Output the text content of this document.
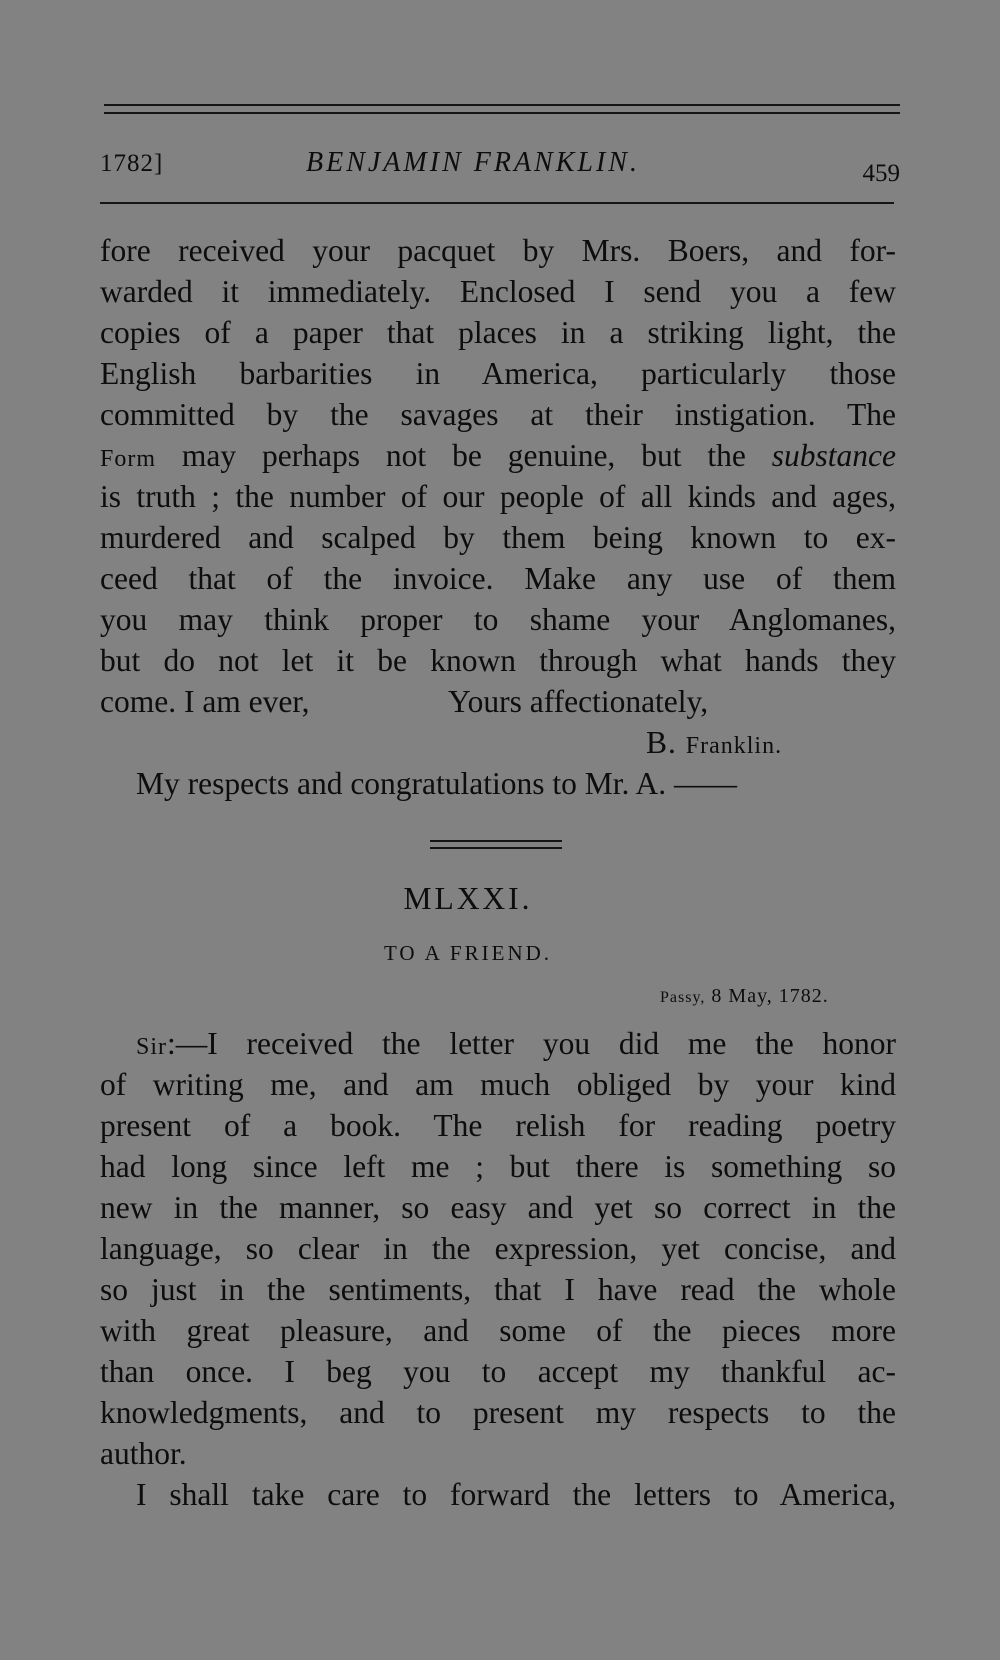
1782]	BENJAMIN FRANKLIN.	459
fore received your pacquet by Mrs. Boers, and for-
warded it immediately. Enclosed I send you a few
copies of a paper that places in a striking light, the
English barbarities in America, particularly those
committed by the savages at their instigation. The
Form may perhaps not be genuine, but the substance
is truth ; the number of our people of all kinds and ages,
murdered and scalped by them being known to ex-
ceed that of the invoice. Make any use of them
you may think proper to shame your Anglomanes,
but do not let it be known through what hands they
come. I am ever,	Yours affectionately,
B. Franklin.
My respects and congratulations to Mr. A. ——
MLXXI.
TO A FRIEND.
Passy, 8 May, 1782.
Sir:—I received the letter you did me the honor
of writing me, and am much obliged by your kind
present of a book. The relish for reading poetry
had long since left me ; but there is something so
new in the manner, so easy and yet so correct in the
language, so clear in the expression, yet concise, and
so just in the sentiments, that I have read the whole
with great pleasure, and some of the pieces more
than once. I beg you to accept my thankful ac-
knowledgments, and to present my respects to the
author.
I shall take care to forward the letters to America,
